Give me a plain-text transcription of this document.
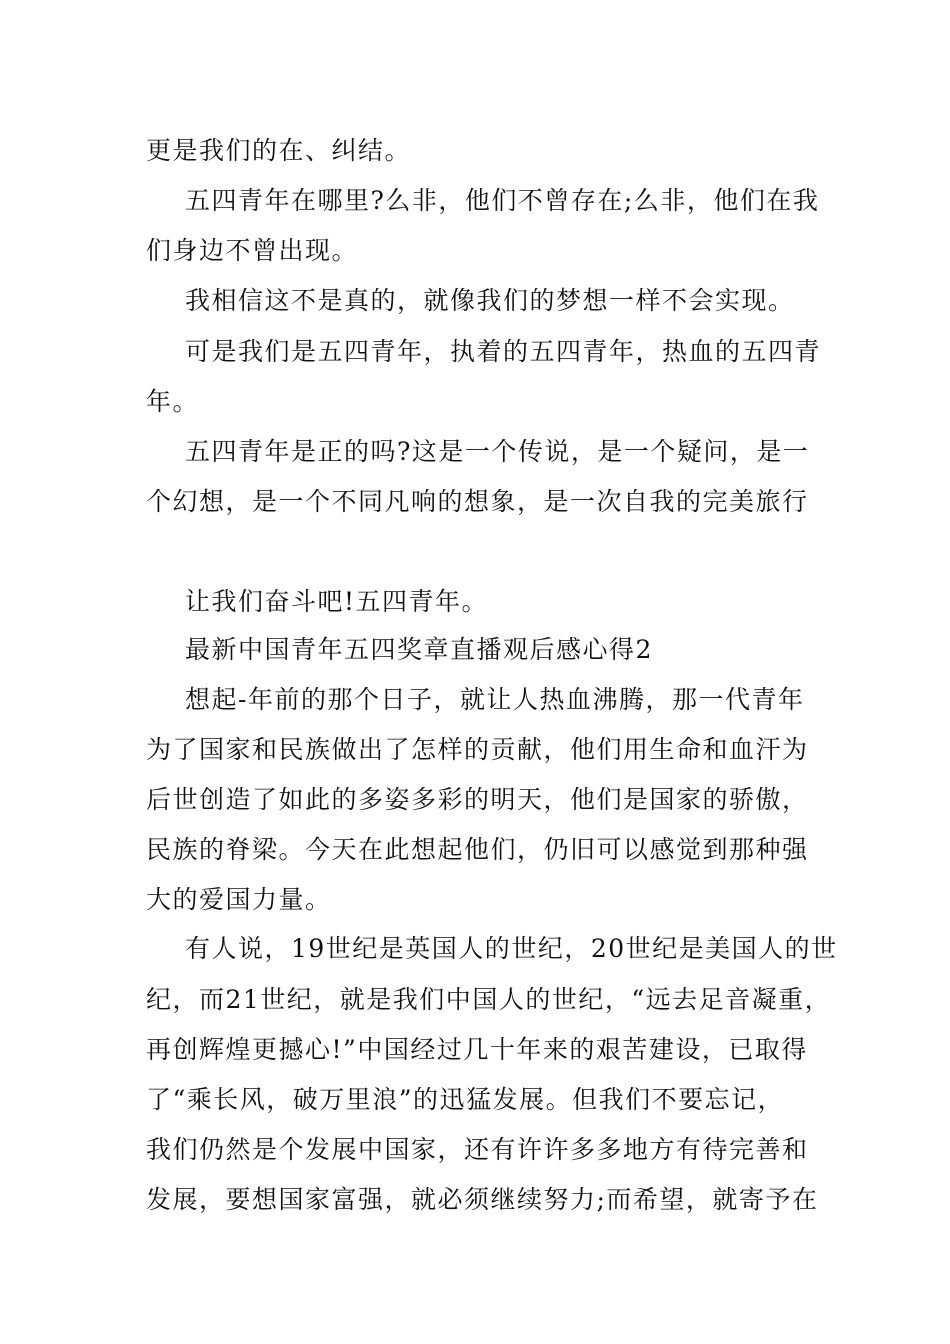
更是我们的在、纠结。
五四青年在哪里?么非，他们不曾存在;么非，他们在我
们身边不曾出现。
我相信这不是真的，就像我们的梦想一样不会实现。
可是我们是五四青年，执着的五四青年，热血的五四青
年。
五四青年是正的吗?这是一个传说，是一个疑问，是一
个幻想，是一个不同凡响的想象，是一次自我的完美旅行
让我们奋斗吧!五四青年。
最新中国青年五四奖章直播观后感心得2
想起-年前的那个日子，就让人热血沸腾，那一代青年
为了国家和民族做出了怎样的贡献，他们用生命和血汗为
后世创造了如此的多姿多彩的明天，他们是国家的骄傲，
民族的脊梁。今天在此想起他们，仍旧可以感觉到那种强
大的爱国力量。
有人说，19世纪是英国人的世纪，20世纪是美国人的世
纪，而21世纪，就是我们中国人的世纪，“远去足音凝重，
再创辉煌更撼心!”中国经过几十年来的艰苦建设，已取得
了“乘长风，破万里浪”的迅猛发展。但我们不要忘记，
我们仍然是个发展中国家，还有许许多多地方有待完善和
发展，要想国家富强，就必须继续努力;而希望，就寄予在
